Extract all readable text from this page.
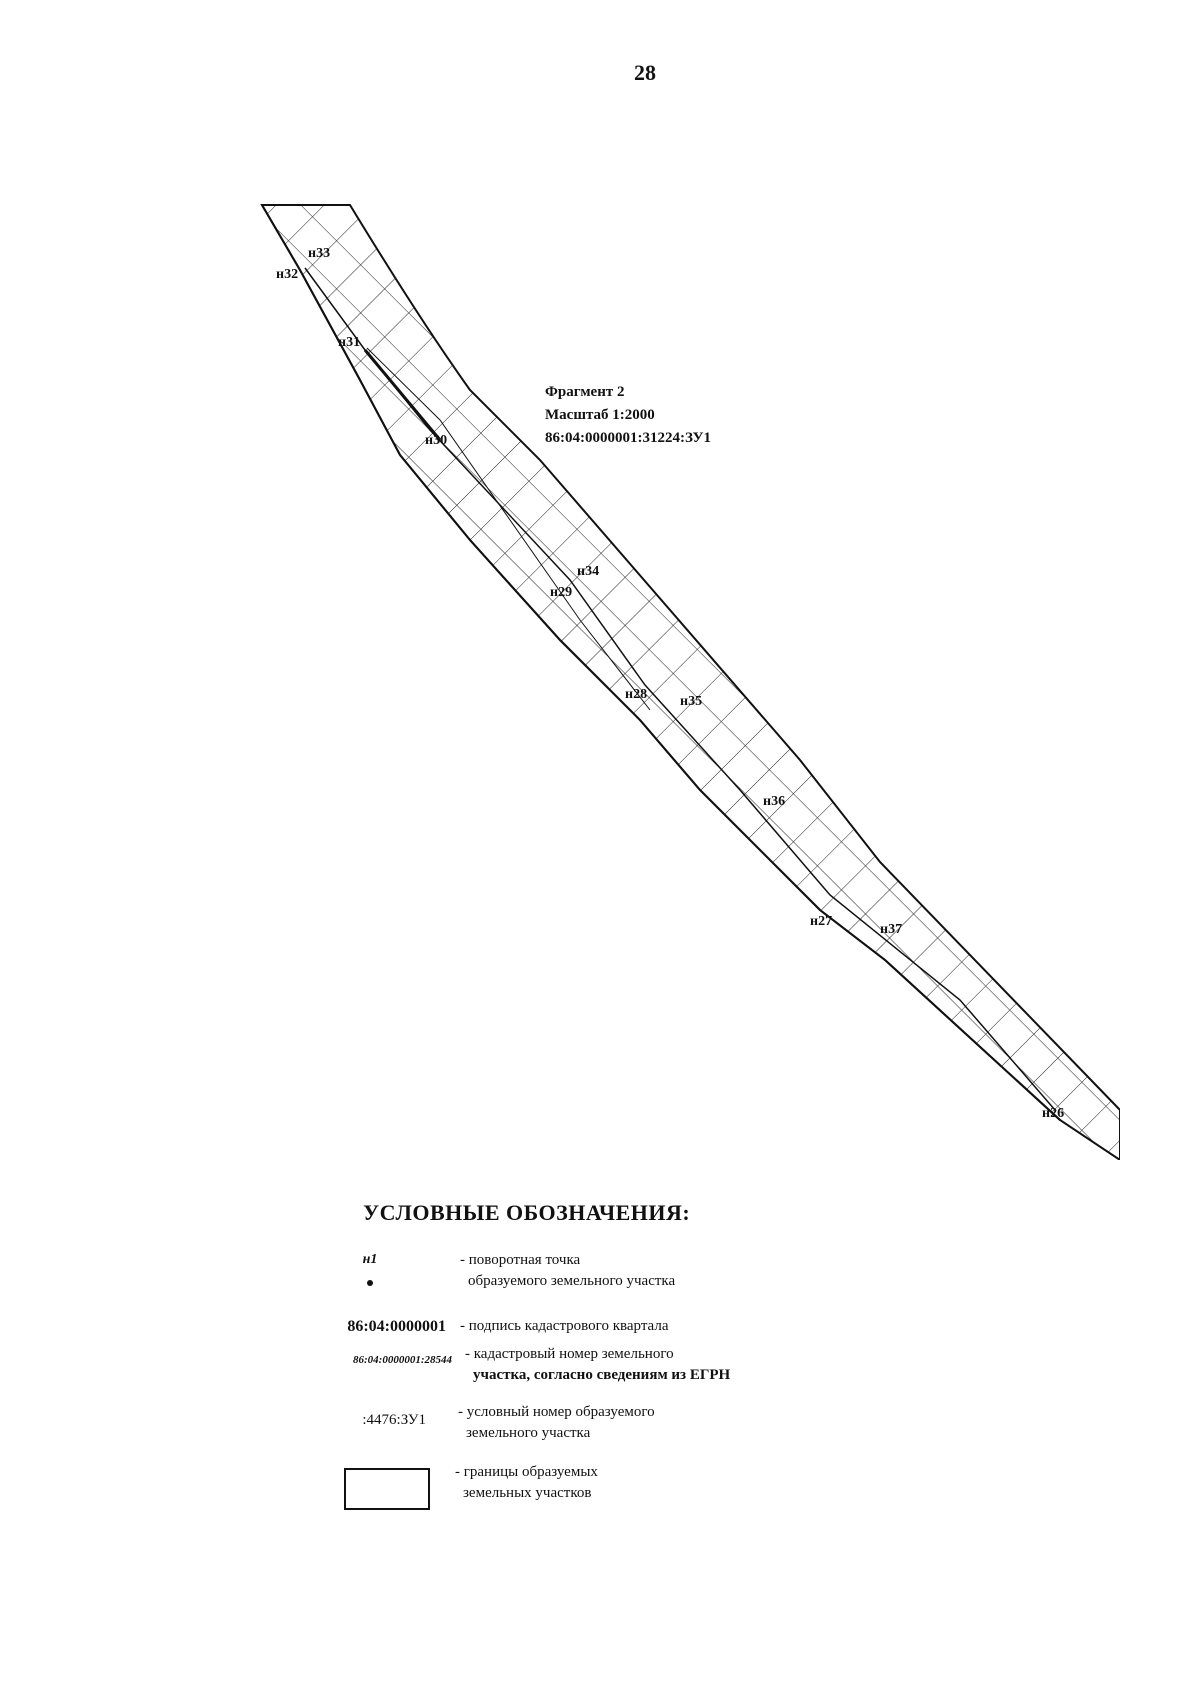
28
н33
н32
н31
н30
н34
н29
н28 н35
н36
н27
н37
н26
Фрагмент 2
Масштаб 1:2000
86:04:0000001:31224:ЗУ1
УСЛОВНЫЕ ОБОЗНАЧЕНИЯ:
н1	- поворотная точка
образуемого земельного участка
86:04:0000001 - подпись кадастрового квартала
86:04:0000001:28544 - кадастровый номер земельного
участка, согласно сведениям из ЕГРН
:4476:ЗУ1 - условный номер образуемого
земельного участка
- границы образуемых
земельных участков
